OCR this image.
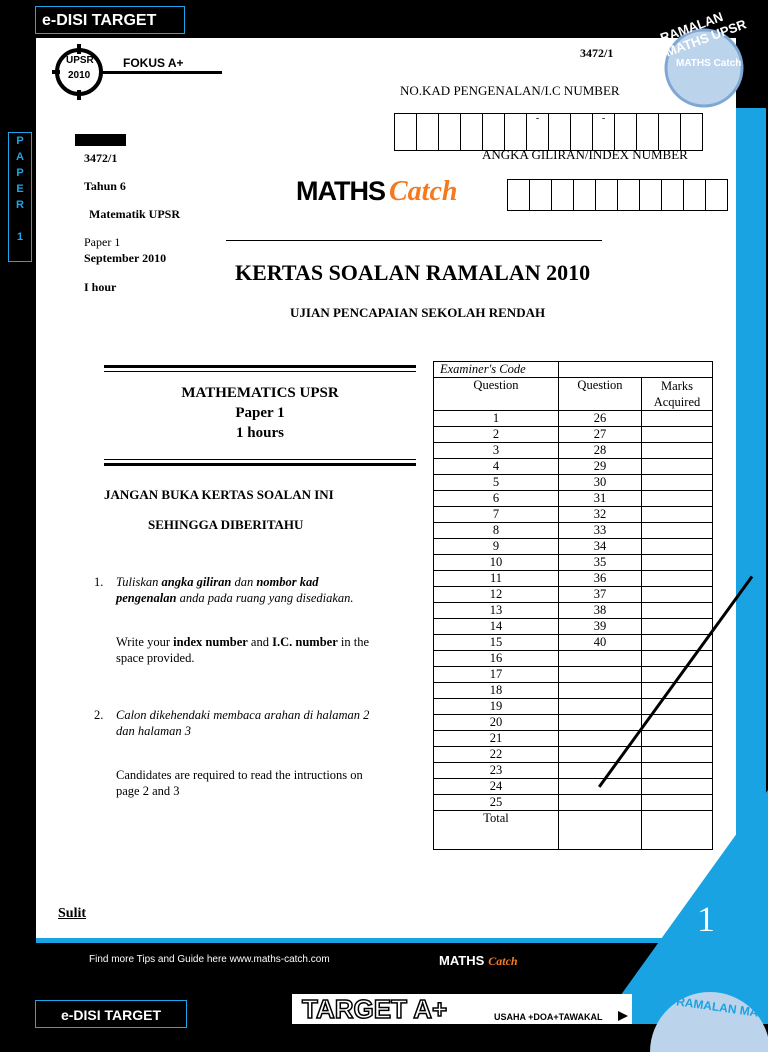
e-DISI TARGET
P
A
P
E
R

1
UPSR
2010
FOKUS A+
RAMALAN MATHS UPSR
MATHS Catch
3472/1
NO.KAD PENGENALAN/I.C NUMBER
-	-
ANGKA GILIRAN/INDEX NUMBER
3472/1
Tahun 6
Matematik UPSR
Paper 1
September 2010
I hour
MATHS Catch
KERTAS SOALAN RAMALAN 2010
UJIAN PENCAPAIAN SEKOLAH RENDAH
MATHEMATICS UPSR
Paper 1
1 hours
JANGAN BUKA KERTAS SOALAN INI
SEHINGGA DIBERITAHU
1. Tuliskan angka giliran dan nombor kad
pengenalan anda pada ruang yang disediakan.
Write your index number and I.C. number in the
space provided.
2. Calon dikehendaki membaca arahan di halaman 2
dan halaman 3
Candidates are required to read the intructions on
page 2 and 3
Examiner's Code		
Question	Question	Marks
Acquired
1	26	
2	27	
3	28	
4	29	
5	30	
6	31	
7	32	
8	33	
9	34	
10	35	
11	36	
12	37	
13	38	
14	39	
15	40	
16		
17		
18		
19		
20		
21		
22		
23		
24		
25		
Total		
Sulit	1
Find more Tips and Guide here www.maths-catch.com	MATHS Catch
e-DISI TARGET	TARGET A+	USAHA +DOA+TAWAKAL	RAMALAN MA
